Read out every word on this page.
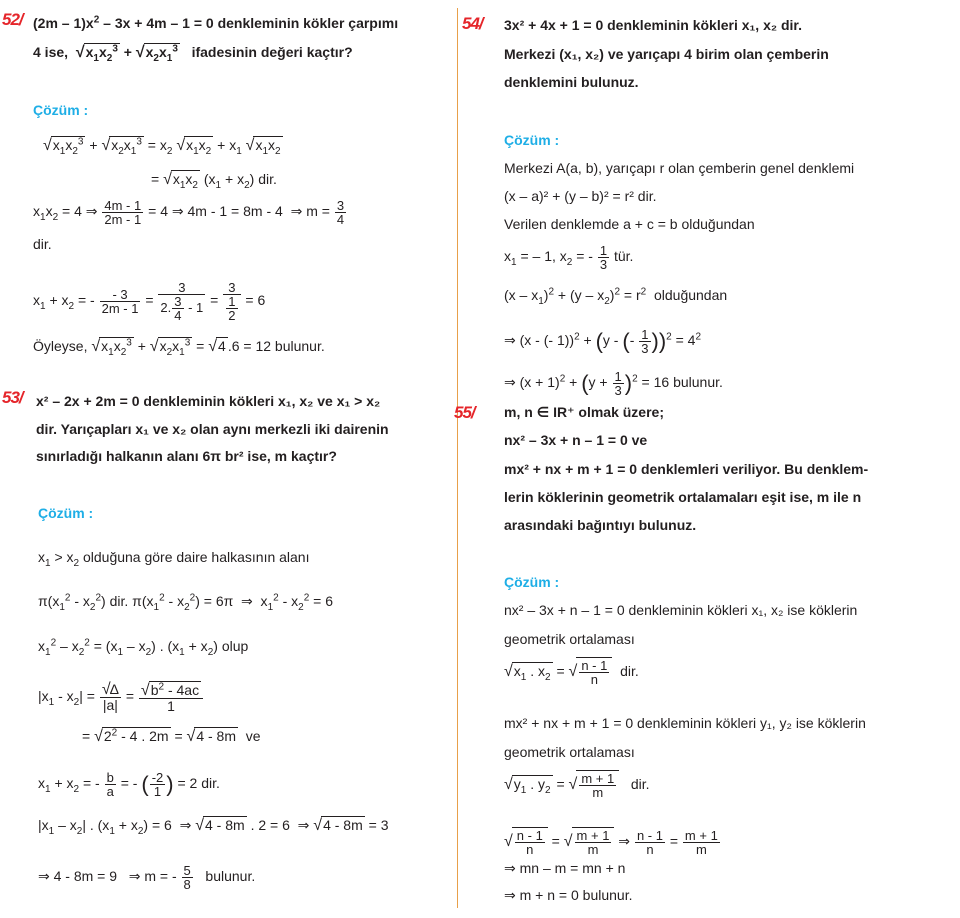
52/ $(2m - 1)x^2 - 3x + 4m - 1 = 0$ denkleminin kökler çarpımı
4 ise, $√x_1x_2^3 + √x_2x_1^3$ ifadesinin değeri kaçtır?
Çözüm :
$√x_1x_2^3 + √x_2x_1^3 = x_2$ $√x_1x_2 + x_1$ $√x_1x_2$
= $√x_1x_2$ $(x_1 + x_2)$ dir.
$x_1x_2 = 4$ ⇒ $\frac{4m - 1}{2m - 1} = 4$ ⇒ 4m - 1 = 8m - 4  ⇒ $m = \frac{3}{4}$
dir.
$x_1 + x_2$ = - $\frac{- 3}{2m - 1} = \frac{3}{2. \frac{3}{4} - 1} = \frac{3}{\frac{1}{2}} = 6$
Öyleyse, $√x_1x_2^3 + √x_2x_1^3 = √4$ .6 = 12 bulunur.
53/ x² – 2x + 2m = 0 denkleminin kökleri x₁, x₂ ve x₁ > x₂
dir. Yarıçapları x₁ ve x₂ olan aynı merkezli iki dairenin
sınırladığı halkanın alanı 6π br² ise, m kaçtır?
Çözüm :
$x_1 > x_2$ olduğuna göre daire halkasının alanı
$\pi(x_1^2 - x_2^2)$ dir. $\pi(x_1^2 - x_2^2) = 6\pi$  ⇒  $x_1^2 - x_2^2 = 6$
$x_1^2 - x_2^2 = (x_1 - x_2)$ . $(x_1 + x_2)$ olup
$|x_1 - x_2| = \frac{√\Delta}{|a|} = \frac{√b^2 - 4ac}{1}$
= $√2^2 - 4$ . 2m = √4 - 8m ve
$x_1 + x_2$ = - $\frac{b}{a}$ = - ( $\frac{-2}{1}$ ) = 2 dir.
$|x_1 - x_2|$ . $(x_1 + x_2) = 6$  ⇒ √4 - 8m . 2 = 6  ⇒ √4 - 8m = 3
⇒ 4 - 8m = 9   ⇒ m = - $\frac{5}{8}$ bulunur.
54/ 3x² + 4x + 1 = 0 denkleminin kökleri x₁, x₂ dir.
Merkezi (x₁, x₂) ve yarıçapı 4 birim olan çemberin
denklemini bulunuz.
Çözüm :
Merkezi A(a, b), yarıçapı r olan çemberin genel denklemi
(x – a)² + (y – b)² = r² dir.
Verilen denklemde a + c = b olduğundan
$x_1$ = – 1, $x_2$ = - $\frac{1}{3}$ tür.
$(x - x_1)^2 + (y - x_2)^2 = r^2$ olduğundan
⇒ (x - (- 1))$^2$ + (y - (- $\frac{1}{3} ))^2 = 4^2$
⇒ $(x + 1)^2 + (y + \frac{1}{3} )^2 = 16$ bulunur.
55/ m, n ∈ IR⁺ olmak üzere;
nx² – 3x + n – 1 = 0 ve
mx² + nx + m + 1 = 0 denklemleri veriliyor. Bu denklem-
lerin köklerinin geometrik ortalamaları eşit ise, m ile n
arasındaki bağıntıyı bulunuz.
Çözüm :
nx² – 3x + n – 1 = 0 denkleminin kökleri x₁, x₂ ise köklerin
geometrik ortalaması
$√x_1$ . $x_2$ = √ $\frac{n - 1}{n}$ dir.
mx² + nx + m + 1 = 0 denkleminin kökleri y₁, y₂ ise köklerin
geometrik ortalaması
$√y_1$ . $y_2$ = √ $\frac{m + 1}{m}$ dir.
√ $\frac{n - 1}{n}$ = √ $\frac{m + 1}{m}$ ⇒ $\frac{n - 1}{n} = \frac{m + 1}{m}$
⇒ mn – m = mn + n
⇒ m + n = 0 bulunur.
